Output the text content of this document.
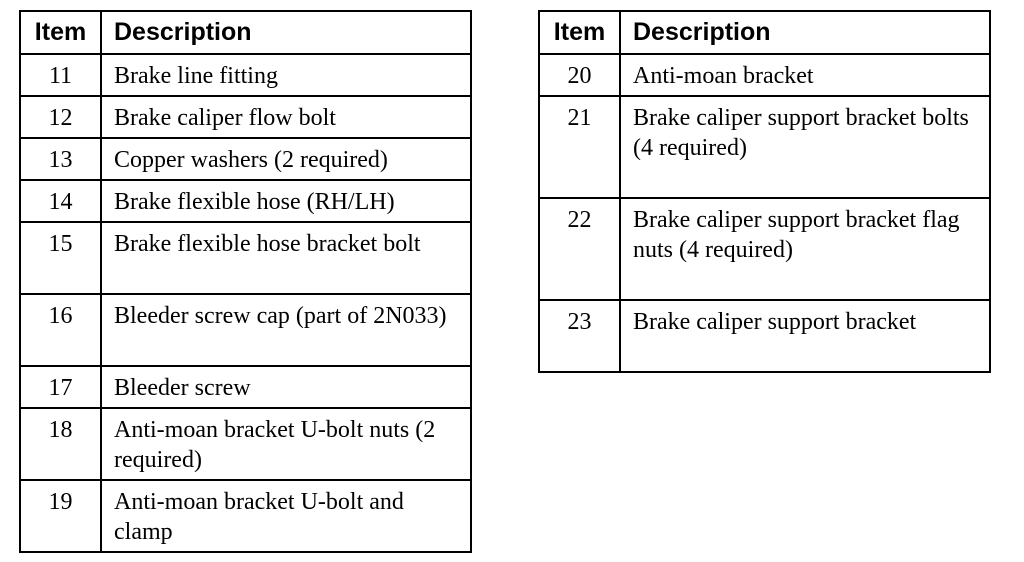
Item	Description
11	Brake line fitting

12	Brake caliper flow bolt

13	Copper washers (2 required)

14	Brake flexible hose (RH/LH)

15	Brake flexible hose bracket bolt

16	Bleeder screw cap (part of 2N033)

17	Bleeder screw

18	Anti-moan bracket U-bolt nuts (2 required)

19	Anti-moan bracket U-bolt and clamp
Item	Description
20	Anti-moan bracket

21	Brake caliper support bracket bolts (4 required)

22	Brake caliper support bracket flag nuts (4 required)

23	Brake caliper support bracket
